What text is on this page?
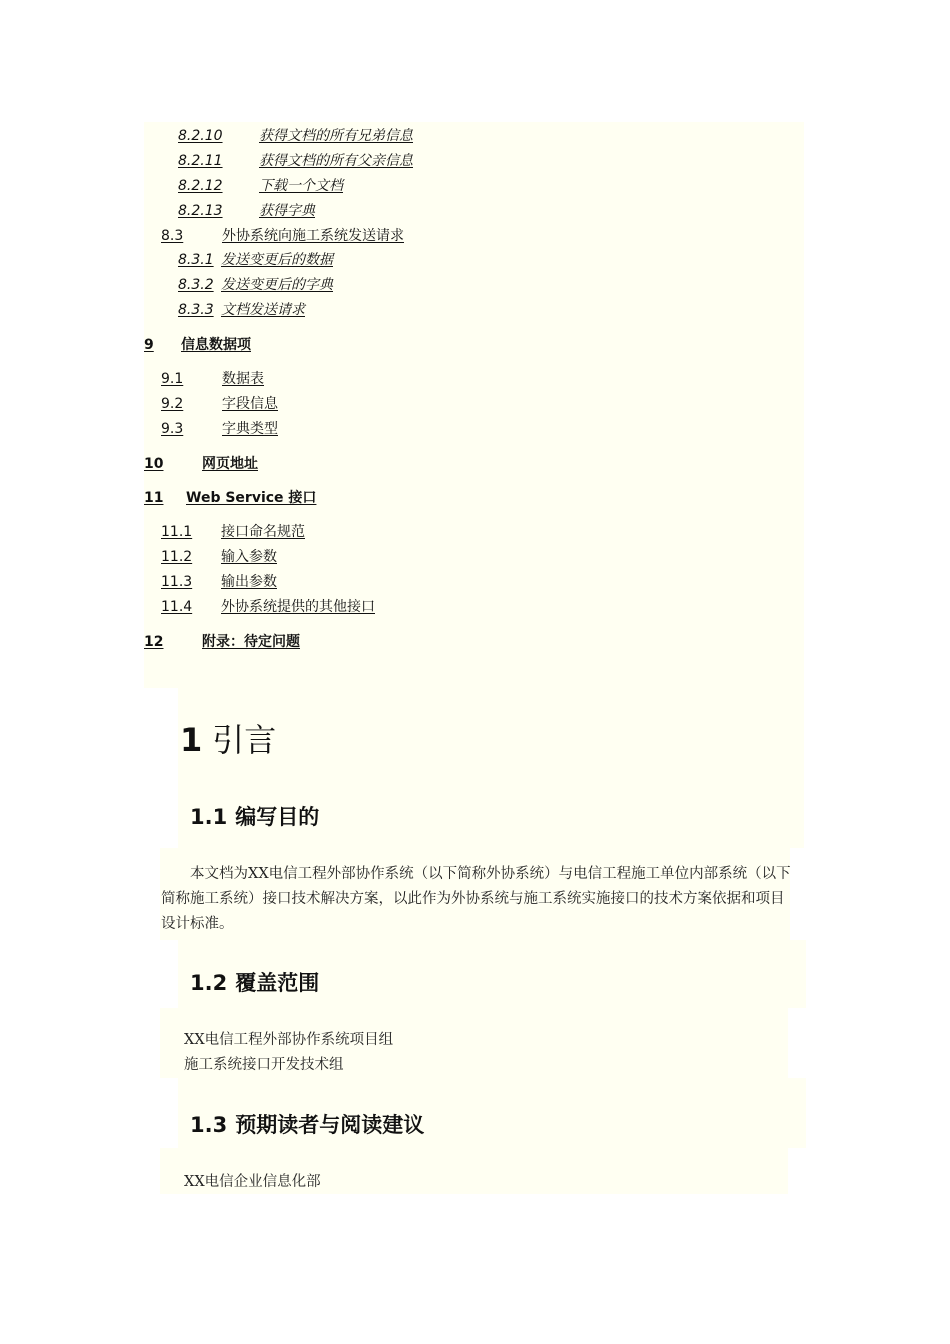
8.2.10	获得文档的所有兄弟信息
8.2.11	获得文档的所有父亲信息
8.2.12	下载一个文档
8.2.13	获得字典
8.3	外协系统向施工系统发送请求
8.3.1 发送变更后的数据
8.3.2 发送变更后的字典
8.3.3 文档发送请求
9 信息数据项
9.1	数据表
9.2	字段信息
9.3	字典类型
10	网页地址
11 Web Service 接口
11.1 接口命名规范
11.2 输入参数
11.3 输出参数
11.4 外协系统提供的其他接口
12	附录：待定问题
1 引言
1.1 编写目的

本文档为XX电信工程外部协作系统（以下简称外协系统）与电信工程施工单位内部系统（以下简称施工系统）接口技术解决方案，以此作为外协系统与施工系统实施接口的技术方案依据和项目设计标准。

1.2 覆盖范围

XX电信工程外部协作系统项目组

施工系统接口开发技术组

1.3 预期读者与阅读建议

XX电信企业信息化部
